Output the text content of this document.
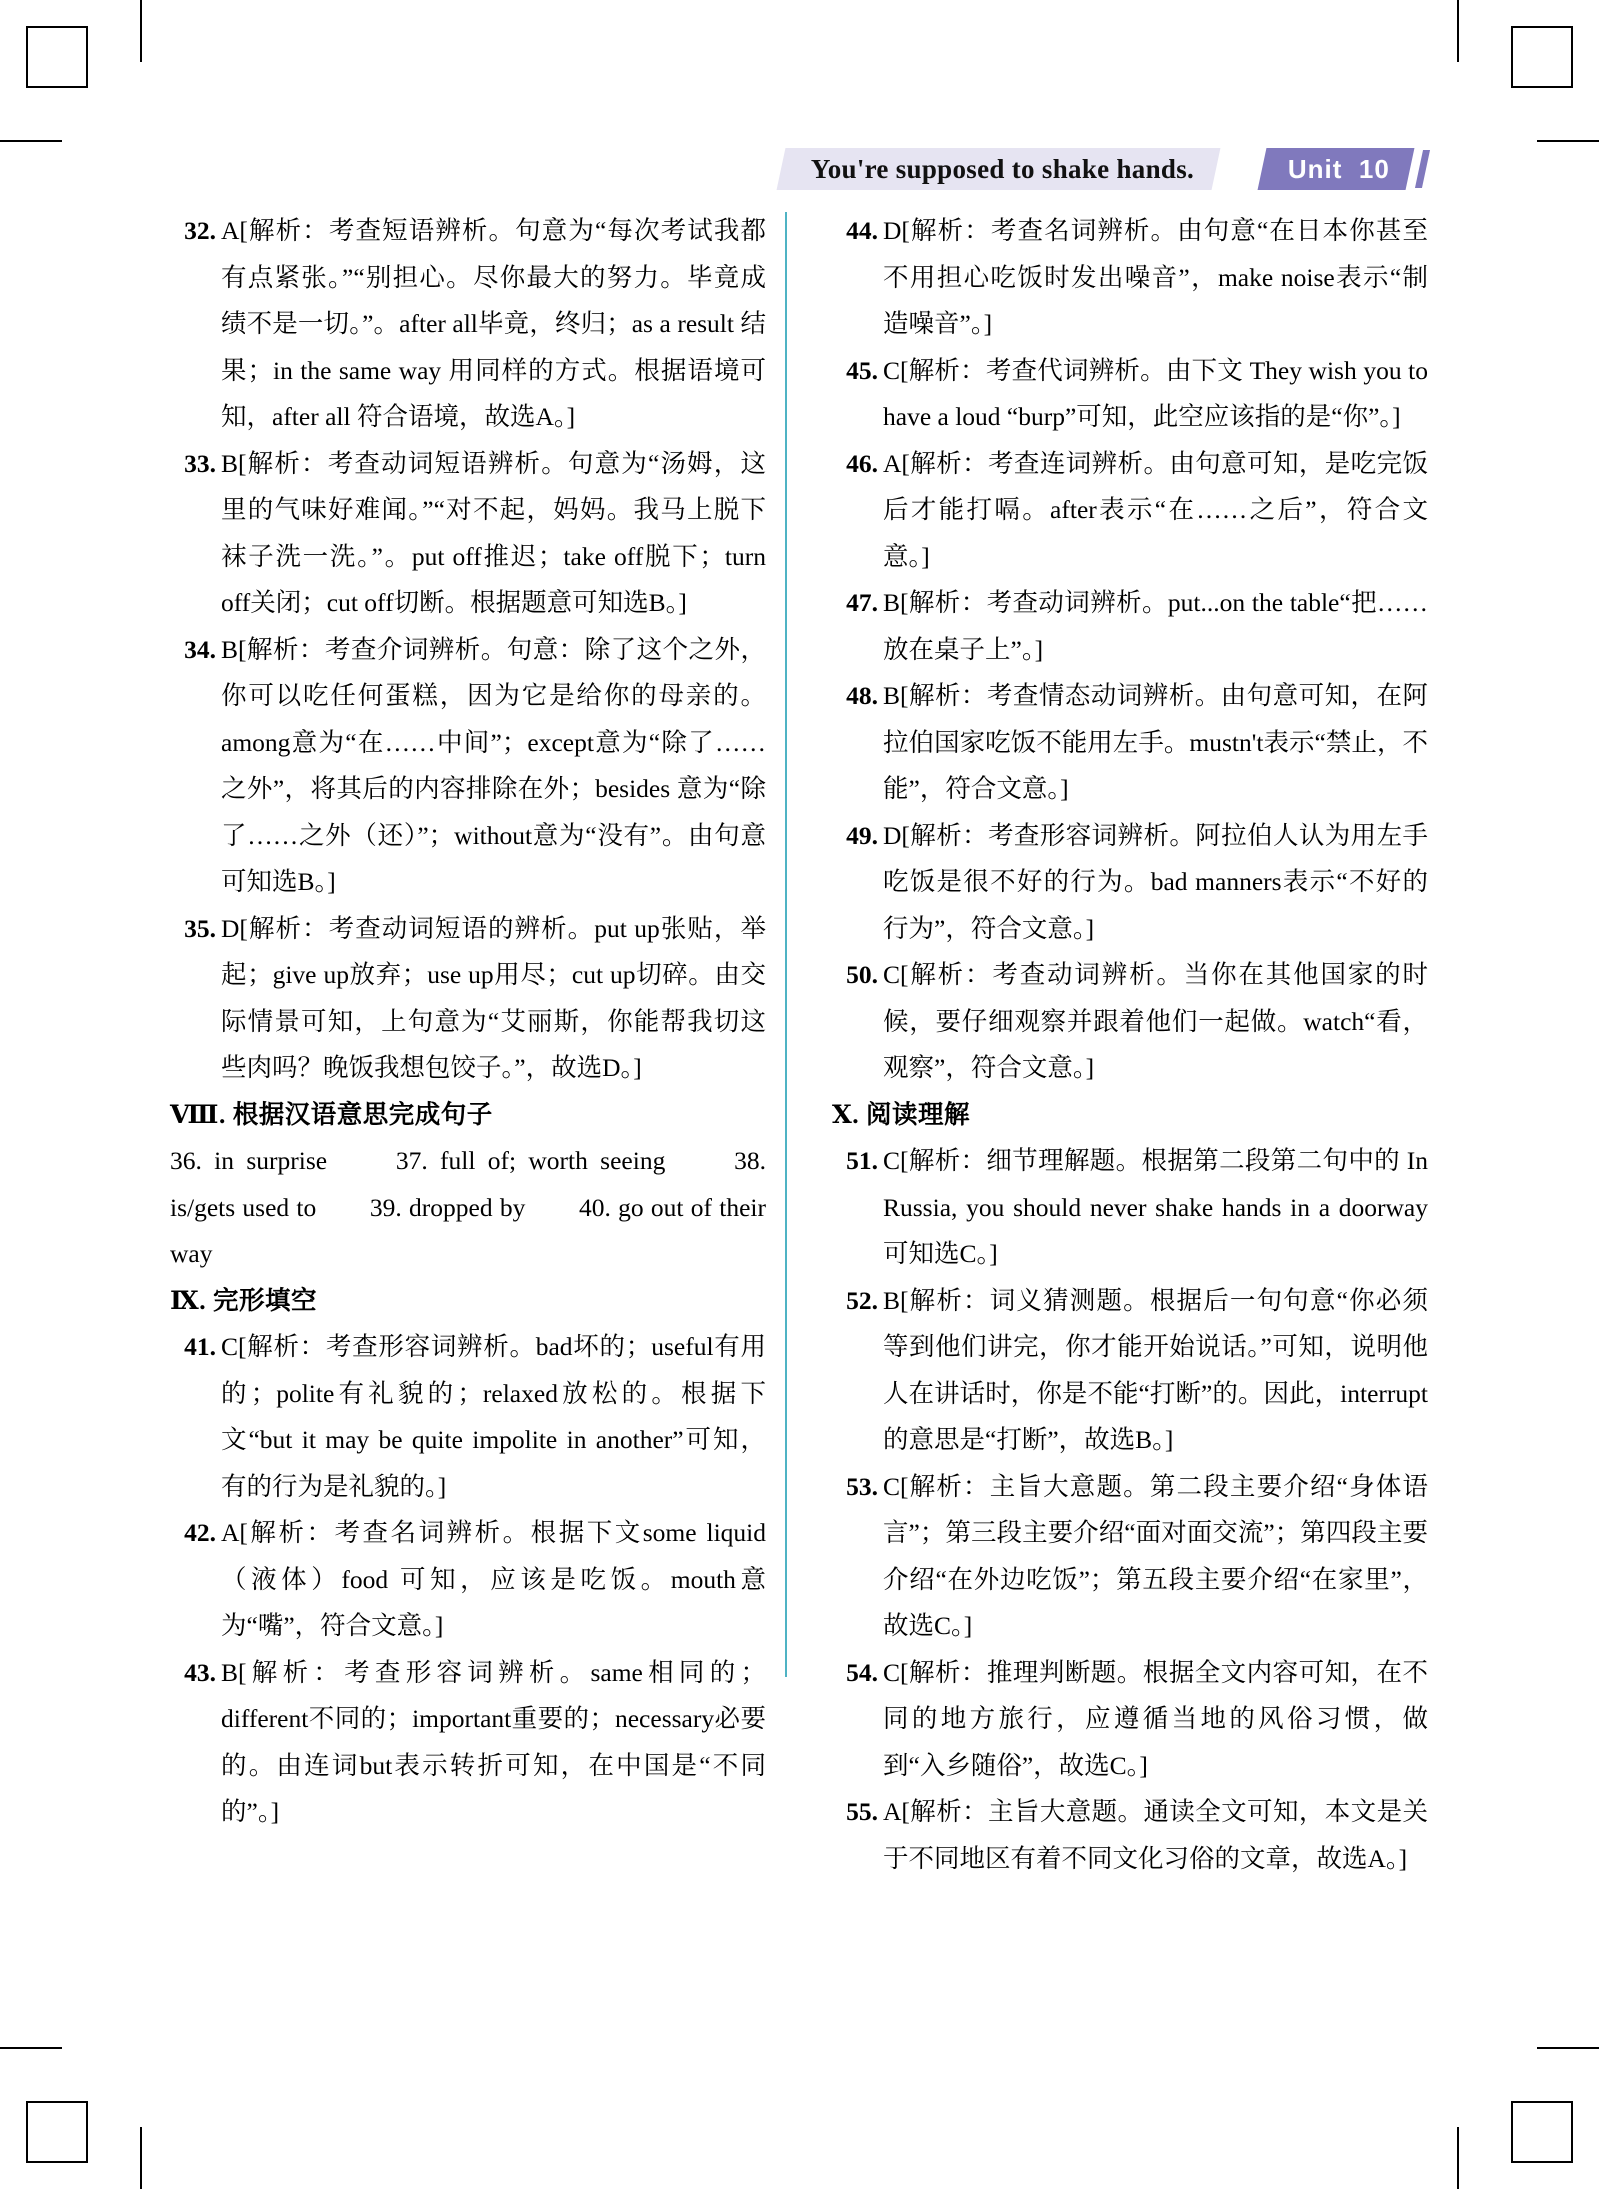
You're supposed to shake hands.	Unit 10
32. A[解析：考查短语辨析。句意为“每次考试我都有点紧张。”“别担心。尽你最大的努力。毕竟成绩不是一切。”。after all毕竟，终归；as a result 结果；in the same way 用同样的方式。根据语境可知，after all 符合语境，故选A。]
33. B[解析：考查动词短语辨析。句意为“汤姆，这里的气味好难闻。”“对不起，妈妈。我马上脱下袜子洗一洗。”。put off推迟；take off脱下；turn off关闭；cut off切断。根据题意可知选B。]
34. B[解析：考查介词辨析。句意：除了这个之外，你可以吃任何蛋糕，因为它是给你的母亲的。among意为“在……中间”；except意为“除了……之外”，将其后的内容排除在外；besides 意为“除 了……之外（还）”；without意为“没有”。由句意可知选B。]
35. D[解析：考查动词短语的辨析。put up张贴，举起；give up放弃；use up用尽；cut up切碎。由交际情景可知，上句意为“艾丽斯，你能帮我切这些肉吗？晚饭我想包饺子。”，故选D。]
Ⅷ. 根据汉语意思完成句子
36. in surprise　　37. full of; worth seeing　　38. is/gets used to　　39. dropped by　　40. go out of their way
Ⅸ. 完形填空
41. C[解析：考查形容词辨析。bad坏的；useful有用的；polite有礼貌的；relaxed放松的。根据下文“but it may be quite impolite in another”可知，有的行为是礼貌的。]
42. A[解析：考查名词辨析。根据下文some liquid（液体）food 可知，应该是吃饭。mouth意为“嘴”，符合文意。]
43. B[解析：考查形容词辨析。same相同的；different不同的；important重要的；necessary必要的。由连词but表示转折可知，在中国是“不同的”。]
44. D[解析：考查名词辨析。由句意“在日本你甚至不用担心吃饭时发出噪音”，make noise表示“制造噪音”。]
45. C[解析：考查代词辨析。由下文 They wish you to have a loud “burp”可知，此空应该指的是“你”。]
46. A[解析：考查连词辨析。由句意可知，是吃完饭后才能打嗝。after表示“在……之后”，符合文意。]
47. B[解析：考查动词辨析。put...on the table“把……放在桌子上”。]
48. B[解析：考查情态动词辨析。由句意可知，在阿拉伯国家吃饭不能用左手。mustn't表示“禁止，不能”，符合文意。]
49. D[解析：考查形容词辨析。阿拉伯人认为用左手吃饭是很不好的行为。bad manners表示“不好的行为”，符合文意。]
50. C[解析：考查动词辨析。当你在其他国家的时候，要仔细观察并跟着他们一起做。watch“看，观察”，符合文意。]
Ⅹ. 阅读理解
51. C[解析：细节理解题。根据第二段第二句中的 In Russia, you should never shake hands in a doorway可知选C。]
52. B[解析：词义猜测题。根据后一句句意“你必须等到他们讲完，你才能开始说话。”可知，说明他人在讲话时，你是不能“打断”的。因此，interrupt的意思是“打断”，故选B。]
53. C[解析：主旨大意题。第二段主要介绍“身体语言”；第三段主要介绍“面对面交流”；第四段主要介绍“在外边吃饭”；第五段主要介绍“在家里”，故选C。]
54. C[解析：推理判断题。根据全文内容可知，在不同的地方旅行，应遵循当地的风俗习惯，做到“入乡随俗”，故选C。]
55. A[解析：主旨大意题。通读全文可知，本文是关于不同地区有着不同文化习俗的文章，故选A。]
